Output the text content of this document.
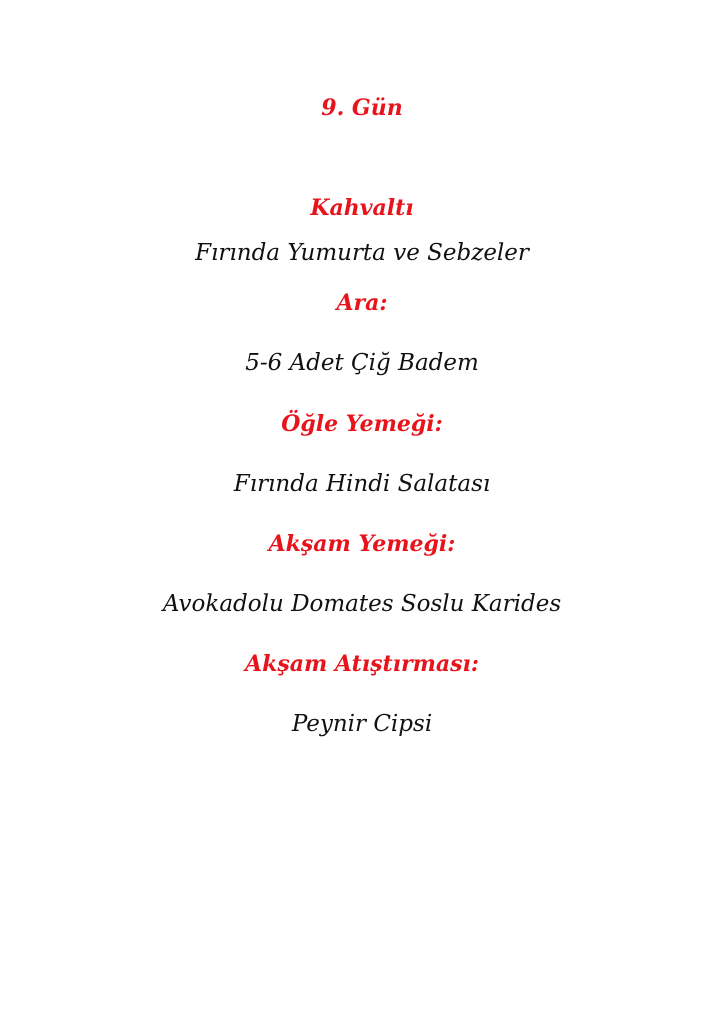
9. Gün
Kahvaltı
Fırında Yumurta ve Sebzeler
Ara:
5-6 Adet Çiğ Badem
Öğle Yemeği:
Fırında Hindi Salatası
Akşam Yemeği:
Avokadolu Domates Soslu Karides
Akşam Atıştırması:
Peynir Cipsi
